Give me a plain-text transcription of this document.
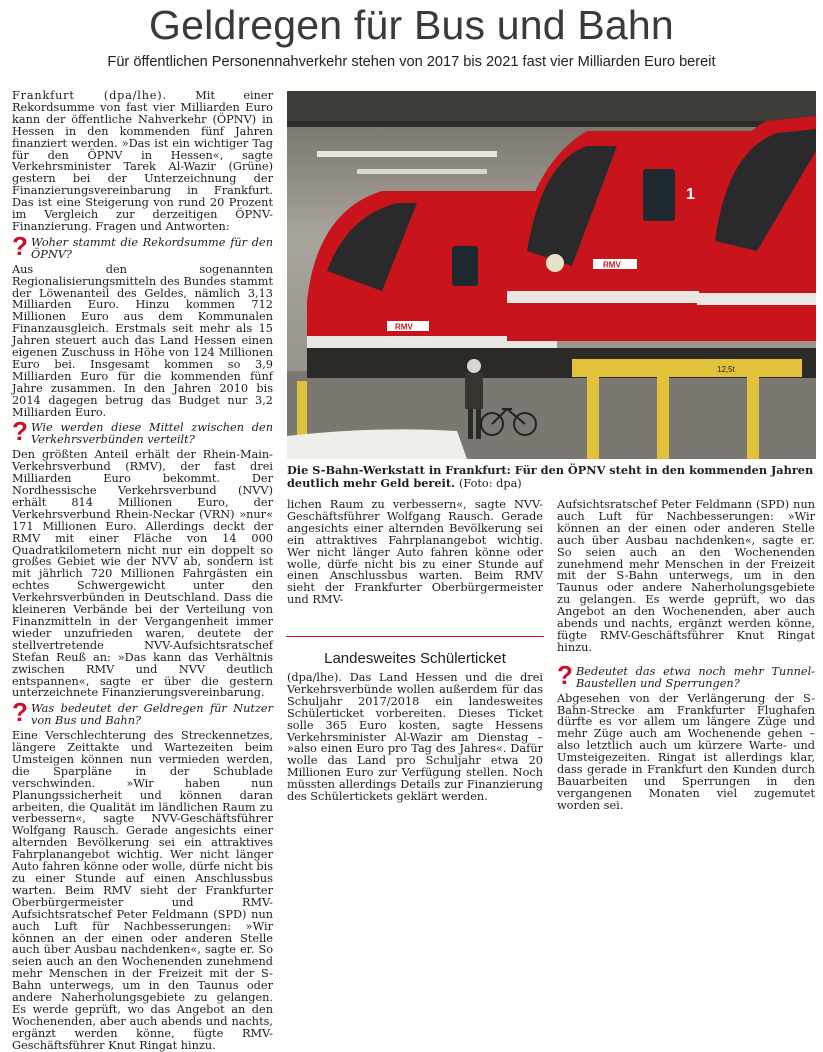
Geldregen für Bus und Bahn
Für öffentlichen Personennahverkehr stehen von 2017 bis 2021 fast vier Milliarden Euro bereit

Frankfurt (dpa/lhe). Mit einer Rekordsumme von fast vier Milliarden Euro kann der öffentliche Nahverkehr (ÖPNV) in Hessen in den kommenden fünf Jahren finanziert werden. »Das ist ein wichtiger Tag für den ÖPNV in Hessen«, sagte Verkehrsminister Tarek Al-Wazir (Grüne) gestern bei der Unterzeichnung der Finanzierungsvereinbarung in Frankfurt. Das ist eine Steigerung von rund 20 Prozent im Vergleich zur derzeitigen ÖPNV-Finanzierung. Fragen und Antworten:

? Woher stammt die Rekordsumme für den ÖPNV?

Aus den sogenannten Regionalisierungsmitteln des Bundes stammt der Löwenanteil des Geldes, nämlich 3,13 Milliarden Euro. Hinzu kommen 712 Millionen Euro aus dem Kommunalen Finanzausgleich. Erstmals seit mehr als 15 Jahren steuert auch das Land Hessen einen eigenen Zuschuss in Höhe von 124 Millionen Euro bei. Insgesamt kommen so 3,9 Milliarden Euro für die kommenden fünf Jahre zusammen. In den Jahren 2010 bis 2014 dagegen betrug das Budget nur 3,2 Milliarden Euro.

? Wie werden diese Mittel zwischen den Verkehrsverbünden verteilt?

Den größten Anteil erhält der Rhein-Main-Verkehrsverbund (RMV), der fast drei Milliarden Euro bekommt. Der Nordhessische Verkehrsverbund (NVV) erhält 814 Millionen Euro, der Verkehrsverbund Rhein-Neckar (VRN) »nur« 171 Millionen Euro. Allerdings deckt der RMV mit einer Fläche von 14 000 Quadratkilometern nicht nur ein doppelt so großes Gebiet wie der NVV ab, sondern ist mit jährlich 720 Millionen Fahrgästen ein echtes Schwergewicht unter den Verkehrsverbünden in Deutschland. Dass die kleineren Verbände bei der Verteilung von Finanzmitteln in der Vergangenheit immer wieder unzufrieden waren, deutete der stellvertretende NVV-Aufsichtsratschef Stefan Reuß an: »Das kann das Verhältnis zwischen RMV und NVV deutlich entspannen«, sagte er über die gestern unterzeichnete Finanzierungsvereinbarung.

? Was bedeutet der Geldregen für Nutzer von Bus und Bahn?

Eine Verschlechterung des Streckennetzes, längere Zeittakte und Wartezeiten beim Umsteigen können nun vermieden werden, die Sparpläne in der Schublade verschwinden. »Wir haben nun Planungssicherheit und können daran arbeiten, die Qualität im ländlichen Raum zu verbessern«, sagte NVV-Geschäftsführer Wolfgang Rausch. Gerade angesichts einer alternden Bevölkerung sei ein attraktives Fahrplanangebot wichtig. Wer nicht länger Auto fahren könne oder wolle, dürfe nicht bis zu einer Stunde auf einen Anschlussbus warten. Beim RMV sieht der Frankfurter Oberbürgermeister und RMV-Aufsichtsratschef Peter Feldmann (SPD) nun auch Luft für Nachbesserungen: »Wir können an der einen oder anderen Stelle auch über Ausbau nachdenken«, sagte er. So seien auch an den Wochenenden zunehmend mehr Menschen in der Freizeit mit der S-Bahn unterwegs, um in den Taunus oder andere Naherholungsgebiete zu gelangen. Es werde geprüft, wo das Angebot an den Wochenenden, aber auch abends und nachts, ergänzt werden könne, fügte RMV-Geschäftsführer Knut Ringat hinzu.

RMV
1
RMV
12,5t
Die S-Bahn-Werkstatt in Frankfurt: Für den ÖPNV steht in den kommenden Jahren deutlich mehr Geld bereit. (Foto: dpa)

lichen Raum zu verbessern«, sagte NVV-Geschäftsführer Wolfgang Rausch. Gerade angesichts einer alternden Bevölkerung sei ein attraktives Fahrplanangebot wichtig. Wer nicht länger Auto fahren könne oder wolle, dürfe nicht bis zu einer Stunde auf einen Anschlussbus warten. Beim RMV sieht der Frankfurter Oberbürgermeister und RMV-

Landesweites Schülerticket

(dpa/lhe). Das Land Hessen und die drei Verkehrsverbünde wollen außerdem für das Schuljahr 2017/2018 ein landesweites Schülerticket vorbereiten. Dieses Ticket solle 365 Euro kosten, sagte Hessens Verkehrsminister Al-Wazir am Dienstag – »also einen Euro pro Tag des Jahres«. Dafür wolle das Land pro Schuljahr etwa 20 Millionen Euro zur Verfügung stellen. Noch müssten allerdings Details zur Finanzierung des Schülertickets geklärt werden.

Aufsichtsratschef Peter Feldmann (SPD) nun auch Luft für Nachbesserungen: »Wir können an der einen oder anderen Stelle auch über Ausbau nachdenken«, sagte er. So seien auch an den Wochenenden zunehmend mehr Menschen in der Freizeit mit der S-Bahn unterwegs, um in den Taunus oder andere Naherholungsgebiete zu gelangen. Es werde geprüft, wo das Angebot an den Wochenenden, aber auch abends und nachts, ergänzt werden könne, fügte RMV-Geschäftsführer Knut Ringat hinzu.

? Bedeutet das etwa noch mehr Tunnel-Baustellen und Sperrungen?

Abgesehen von der Verlängerung der S-Bahn-Strecke am Frankfurter Flughafen dürfte es vor allem um längere Züge und mehr Züge auch am Wochenende gehen – also letztlich auch um kürzere Warte- und Umsteigezeiten. Ringat ist allerdings klar, dass gerade in Frankfurt den Kunden durch Bauarbeiten und Sperrungen in den vergangenen Monaten viel zugemutet worden sei.
